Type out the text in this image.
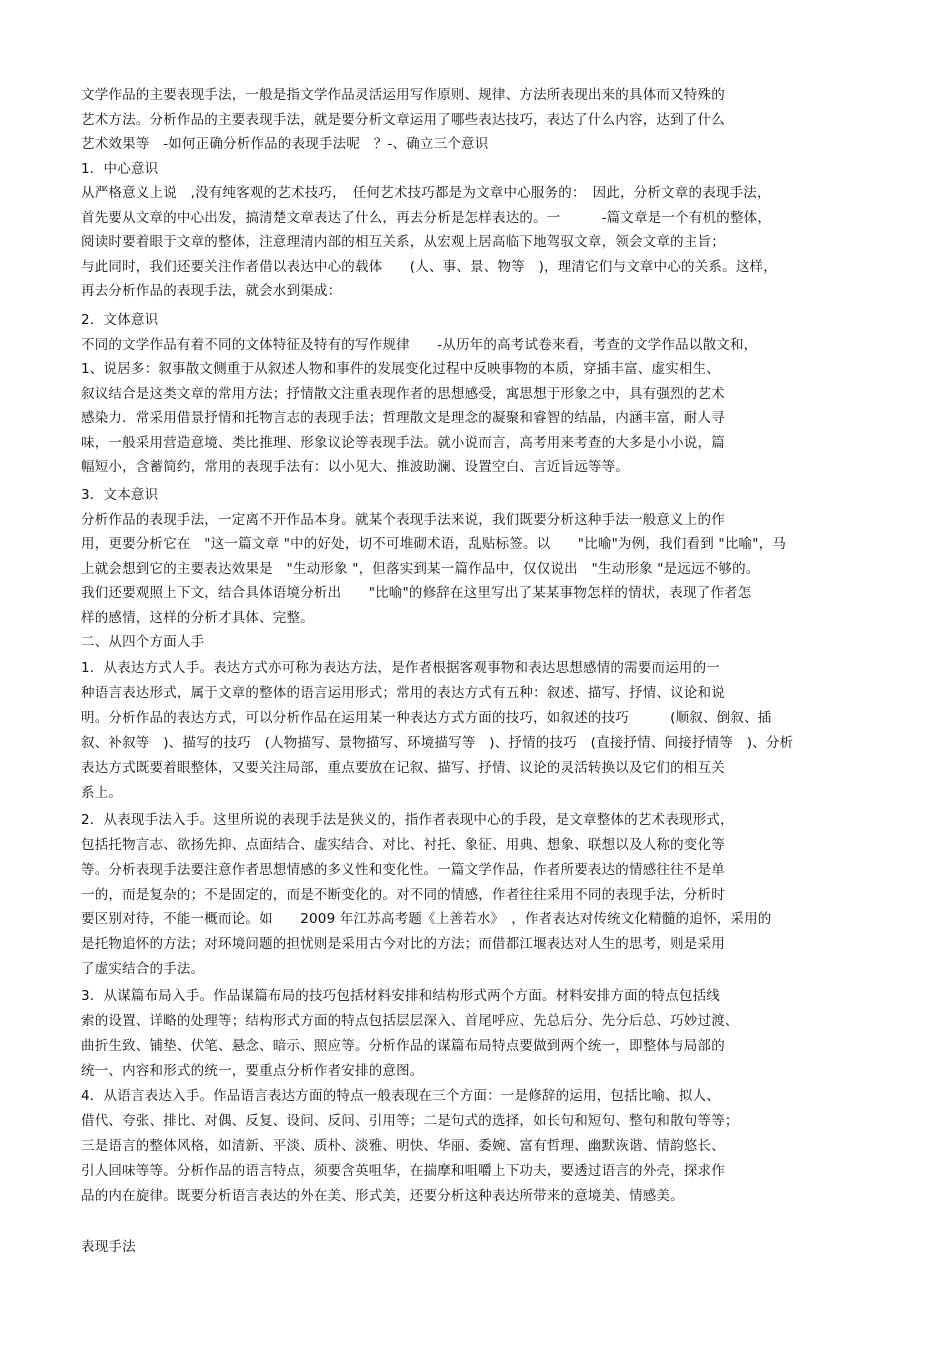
文学作品的主要表现手法，一般是指文学作品灵活运用写作原则、规律、方法所表现出来的具体而又特殊的

艺术方法。分析作品的主要表现手法，就是要分析文章运用了哪些表达技巧，表达了什么内容，达到了什么

艺术效果等　-如何正确分析作品的表现手法呢　？-、确立三个意识

1．中心意识

从严格意义上说　,没有纯客观的艺术技巧，　任何艺术技巧都是为文章中心服务的：　因此，分析文章的表现手法，

首先要从文章的中心出发，搞清楚文章表达了什么，再去分析是怎样表达的。一　　　-篇文章是一个有机的整体，

阅读时要着眼于文章的整体，注意理清内部的相互关系，从宏观上居高临下地驾驭文章，领会文章的主旨；

与此同时，我们还要关注作者借以表达中心的载体　　(人、事、景、物等　)，理清它们与文章中心的关系。这样，

再去分析作品的表现手法，就会水到渠成：

2．文体意识

不同的文学作品有着不同的文体特征及特有的写作规律　　-从历年的高考试卷来看，考查的文学作品以散文和，

1、说居多：叙事散文侧重于从叙述人物和事件的发展变化过程中反映事物的本质，穿插丰富、虚实相生、

叙议结合是这类文章的常用方法；抒情散文注重表现作者的思想感受，寓思想于形象之中，具有强烈的艺术

感染力．常采用借景抒情和托物言志的表现手法；哲理散文是理念的凝聚和睿智的结晶，内涵丰富，耐人寻

味，一般采用营造意境、类比推理、形象议论等表现手法。就小说而言，高考用来考查的大多是小小说，篇

幅短小，含蓄简约，常用的表现手法有：以小见大、推波助澜、设置空白、言近旨远等等。

3．文本意识

分析作品的表现手法，一定离不开作品本身。就某个表现手法来说，我们既要分析这种手法一般意义上的作

用，更要分析它在　"这一篇文章 "中的好处，切不可堆砌术语，乱贴标签。以　　"比喻"为例，我们看到 "比喻"，马

上就会想到它的主要表达效果是　"生动形象 "，但落实到某一篇作品中，仅仅说出　"生动形象 "是远远不够的。

我们还要观照上下文，结合具体语境分析出　　"比喻"的修辞在这里写出了某某事物怎样的情状，表现了作者怎

样的感情，这样的分析才具体、完整。

二、从四个方面人手

1．从表达方式人手。表达方式亦可称为表达方法，是作者根据客观事物和表达思想感情的需要而运用的一

种语言表达形式，属于文章的整体的语言运用形式；常用的表达方式有五种：叙述、描写、抒情、议论和说

明。分析作品的表达方式，可以分析作品在运用某一种表达方式方面的技巧，如叙述的技巧　　　(顺叙、倒叙、插

叙、补叙等　)、描写的技巧　(人物描写、景物描写、环境描写等　)、抒情的技巧　(直接抒情、间接抒情等　)、分析

表达方式既要着眼整体，又要关注局部，重点要放在记叙、描写、抒情、议论的灵活转换以及它们的相互关

系上。

2．从表现手法入手。这里所说的表现手法是狭义的，指作者表现中心的手段，是文章整体的艺术表现形式，

包括托物言志、欲扬先抑、点面结合、虚实结合、对比、衬托、象征、用典、想象、联想以及人称的变化等

等。分析表现手法要注意作者思想情感的多义性和变化性。一篇文学作品，作者所要表达的情感往往不是单

一的，而是复杂的；不是固定的，而是不断变化的。对不同的情感，作者往往采用不同的表现手法，分析时

要区别对待，不能一概而论。如　　2009 年江苏高考题《上善若水》　，作者表达对传统文化精髓的追怀，采用的

是托物追怀的方法；对环境问题的担忧则是采用古今对比的方法；而借都江堰表达对人生的思考，则是采用

了虚实结合的手法。

3．从谋篇布局入手。作品谋篇布局的技巧包括材料安排和结构形式两个方面。材料安排方面的特点包括线

索的设置、详略的处理等；结构形式方面的特点包括层层深入、首尾呼应、先总后分、先分后总、巧妙过渡、

曲折生致、铺垫、伏笔、悬念、暗示、照应等。分析作品的谋篇布局特点要做到两个统一，即整体与局部的

统一、内容和形式的统一，要重点分析作者安排的意图。

4．从语言表达入手。作品语言表达方面的特点一般表现在三个方面：一是修辞的运用，包括比喻、拟人、

借代、夸张、排比、对偶、反复、设问、反问、引用等；二是句式的选择，如长句和短句、整句和散句等等；

三是语言的整体风格，如清新、平淡、质朴、淡雅、明快、华丽、委婉、富有哲理、幽默诙谐、情韵悠长、

引人回味等等。分析作品的语言特点，须要含英咀华，在揣摩和咀嚼上下功夫，要透过语言的外壳，探求作

品的内在旋律。既要分析语言表达的外在美、形式美，还要分析这种表达所带来的意境美、情感美。

表现手法
